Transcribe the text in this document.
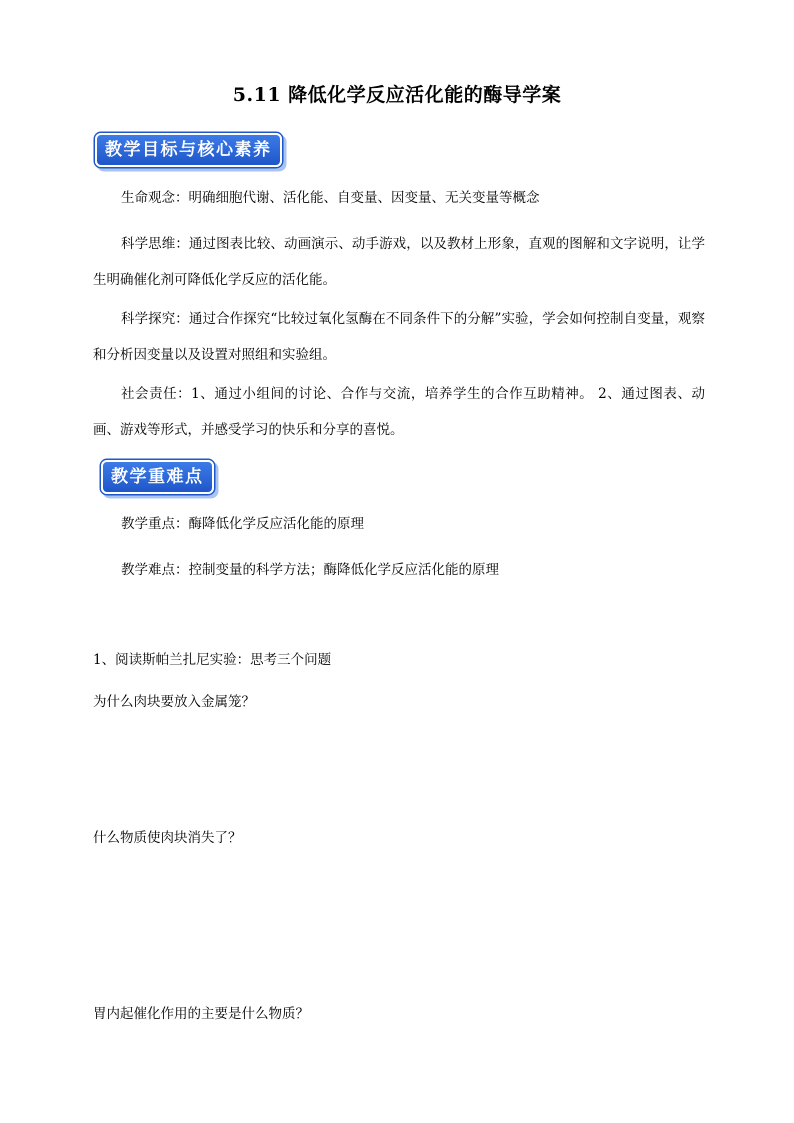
5.11 降低化学反应活化能的酶导学案
教学目标与核心素养
生命观念：明确细胞代谢、活化能、自变量、因变量、无关变量等概念
科学思维：通过图表比较、动画演示、动手游戏，以及教材上形象，直观的图解和文字说明，让学生明确催化剂可降低化学反应的活化能。
科学探究：通过合作探究“比较过氧化氢酶在不同条件下的分解”实验，学会如何控制自变量，观察和分析因变量以及设置对照组和实验组。
社会责任：1、通过小组间的讨论、合作与交流，培养学生的合作互助精神。 2、通过图表、动画、游戏等形式，并感受学习的快乐和分享的喜悦。
教学重难点
教学重点：酶降低化学反应活化能的原理
教学难点：控制变量的科学方法；酶降低化学反应活化能的原理
1、阅读斯帕兰扎尼实验：思考三个问题
为什么肉块要放入金属笼？
什么物质使肉块消失了？
胃内起催化作用的主要是什么物质？
